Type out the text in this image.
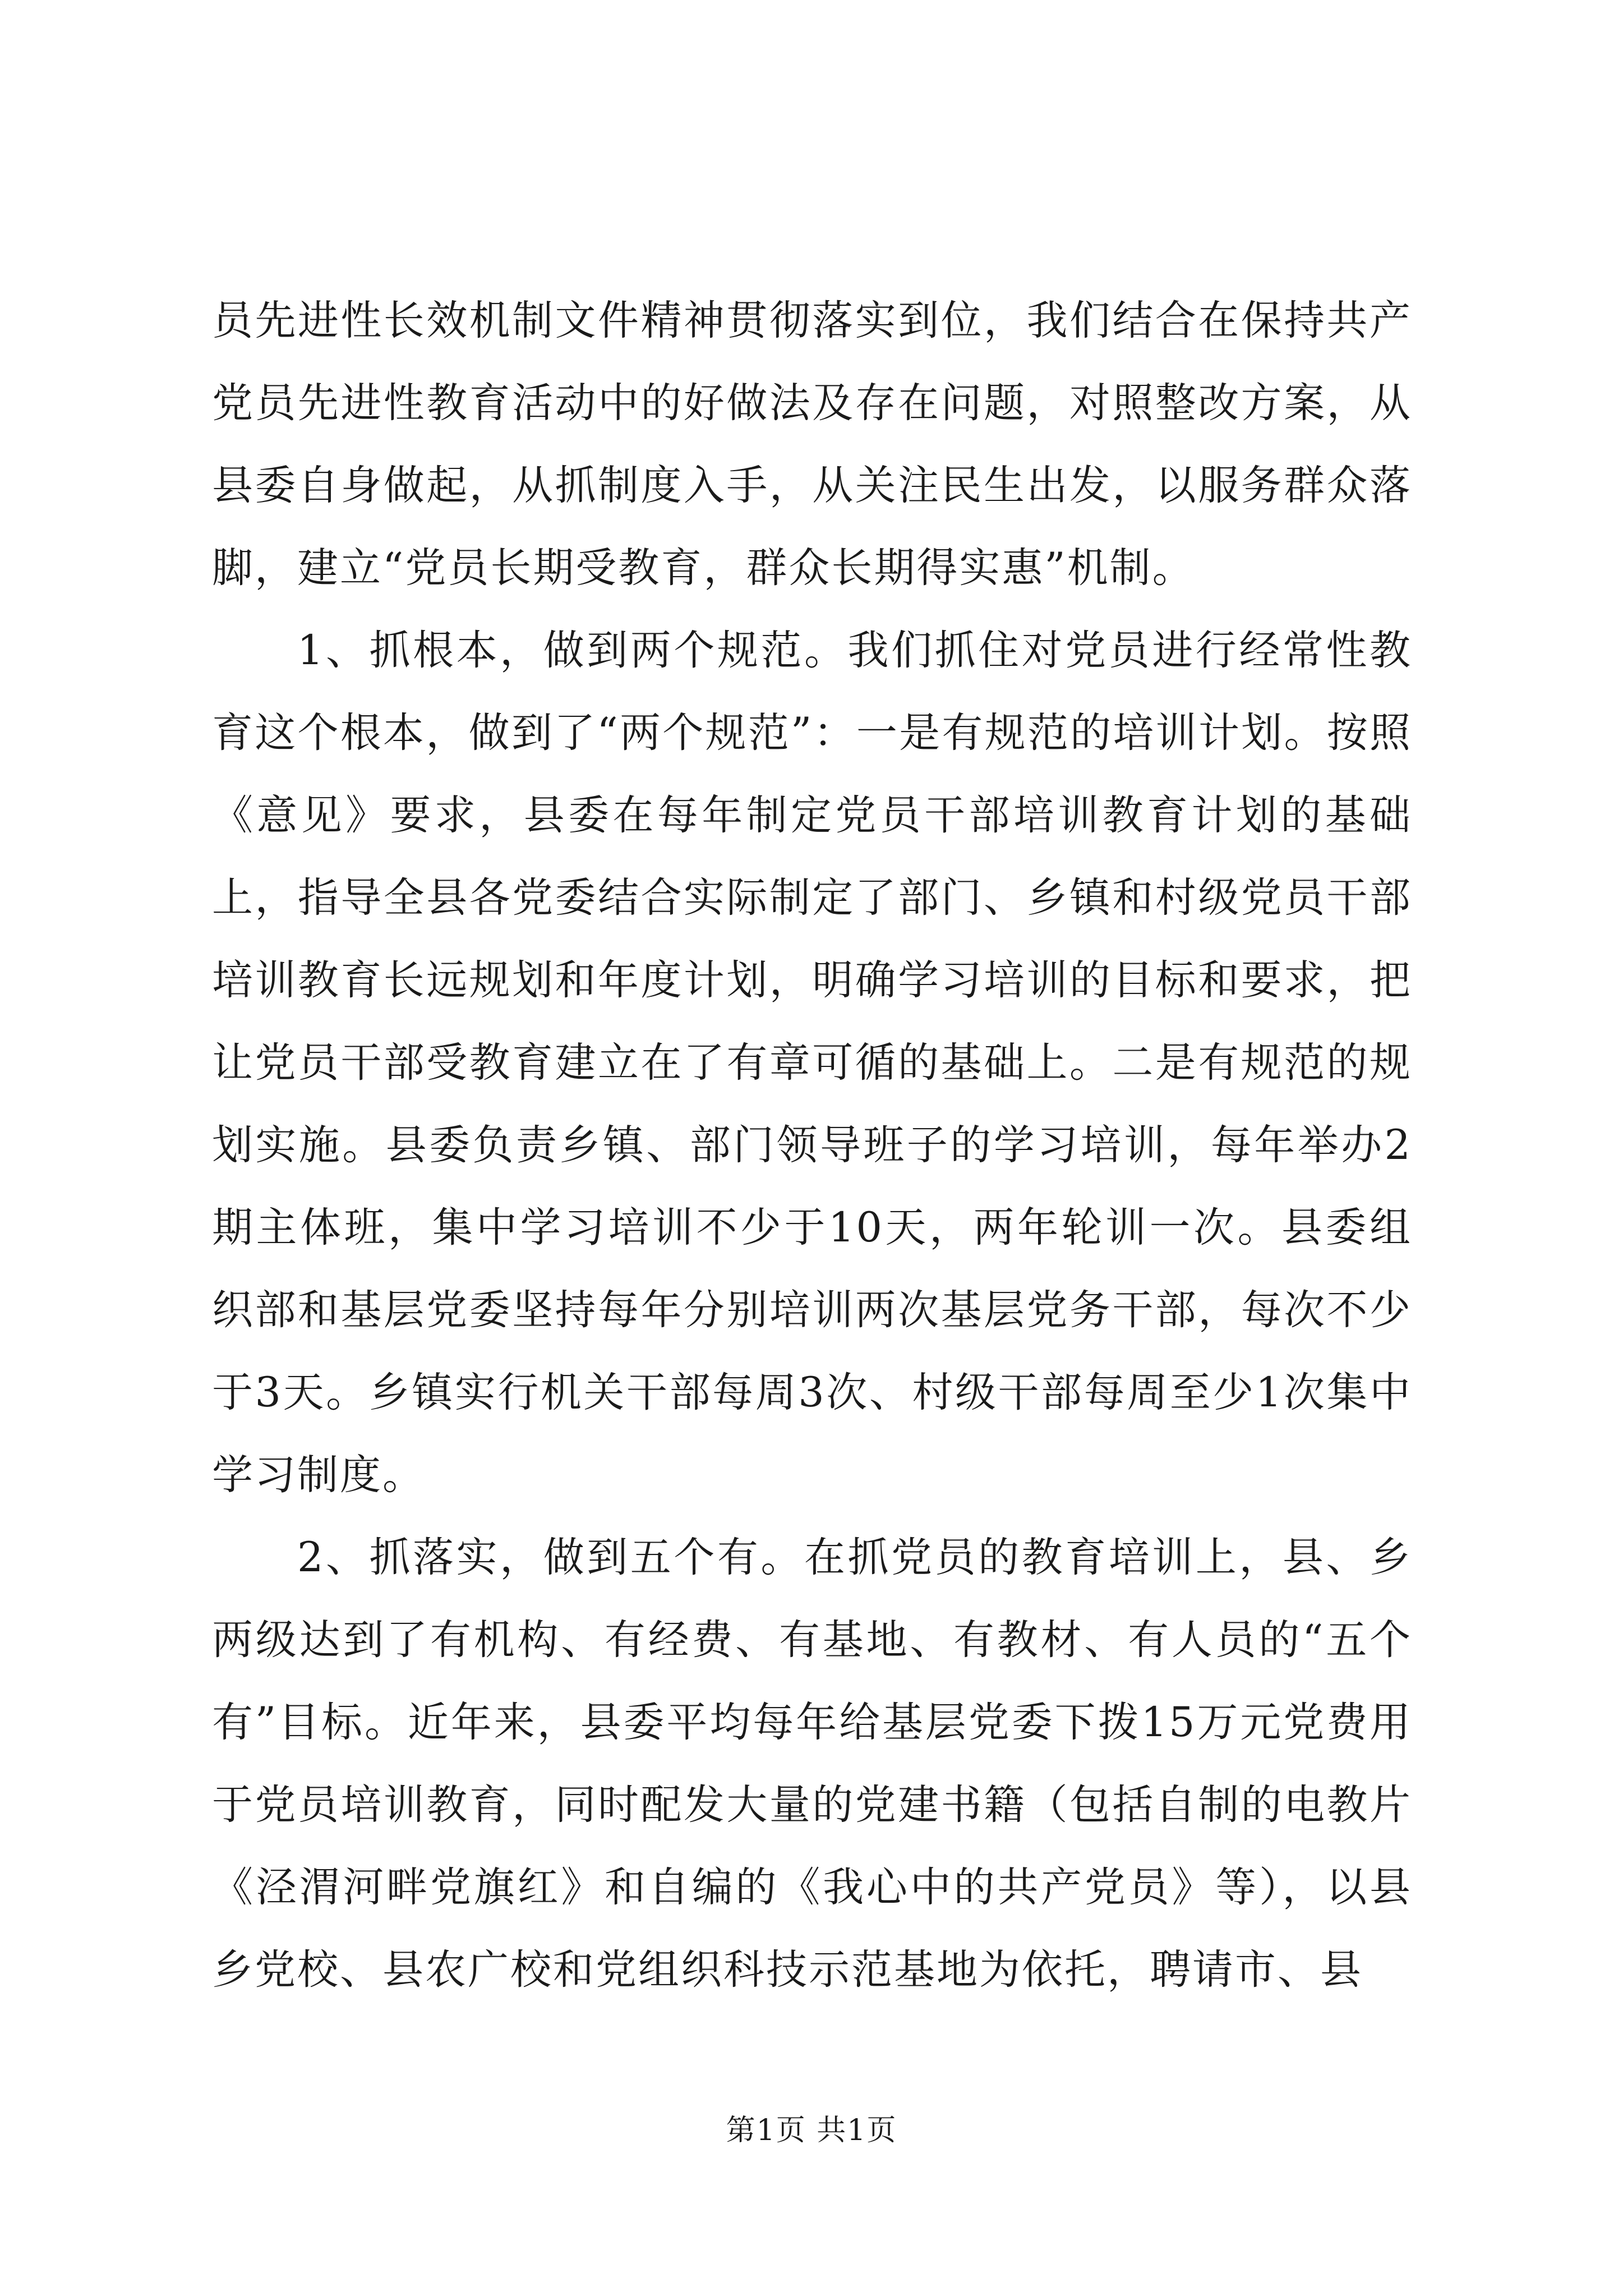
员先进性长效机制文件精神贯彻落实到位，我们结合在保持共产党员先进性教育活动中的好做法及存在问题，对照整改方案，从县委自身做起，从抓制度入手，从关注民生出发，以服务群众落脚，建立“党员长期受教育，群众长期得实惠”机制。

1、抓根本，做到两个规范。我们抓住对党员进行经常性教育这个根本，做到了“两个规范”：一是有规范的培训计划。按照《意见》要求，县委在每年制定党员干部培训教育计划的基础上，指导全县各党委结合实际制定了部门、乡镇和村级党员干部培训教育长远规划和年度计划，明确学习培训的目标和要求，把让党员干部受教育建立在了有章可循的基础上。二是有规范的规划实施。县委负责乡镇、部门领导班子的学习培训，每年举办2期主体班，集中学习培训不少于10天，两年轮训一次。县委组织部和基层党委坚持每年分别培训两次基层党务干部，每次不少于3天。乡镇实行机关干部每周3次、村级干部每周至少1次集中学习制度。

2、抓落实，做到五个有。在抓党员的教育培训上，县、乡两级达到了有机构、有经费、有基地、有教材、有人员的“五个有”目标。近年来，县委平均每年给基层党委下拨15万元党费用于党员培训教育，同时配发大量的党建书籍（包括自制的电教片《泾渭河畔党旗红》和自编的《我心中的共产党员》等），以县乡党校、县农广校和党组织科技示范基地为依托，聘请市、县

第1页 共1页
